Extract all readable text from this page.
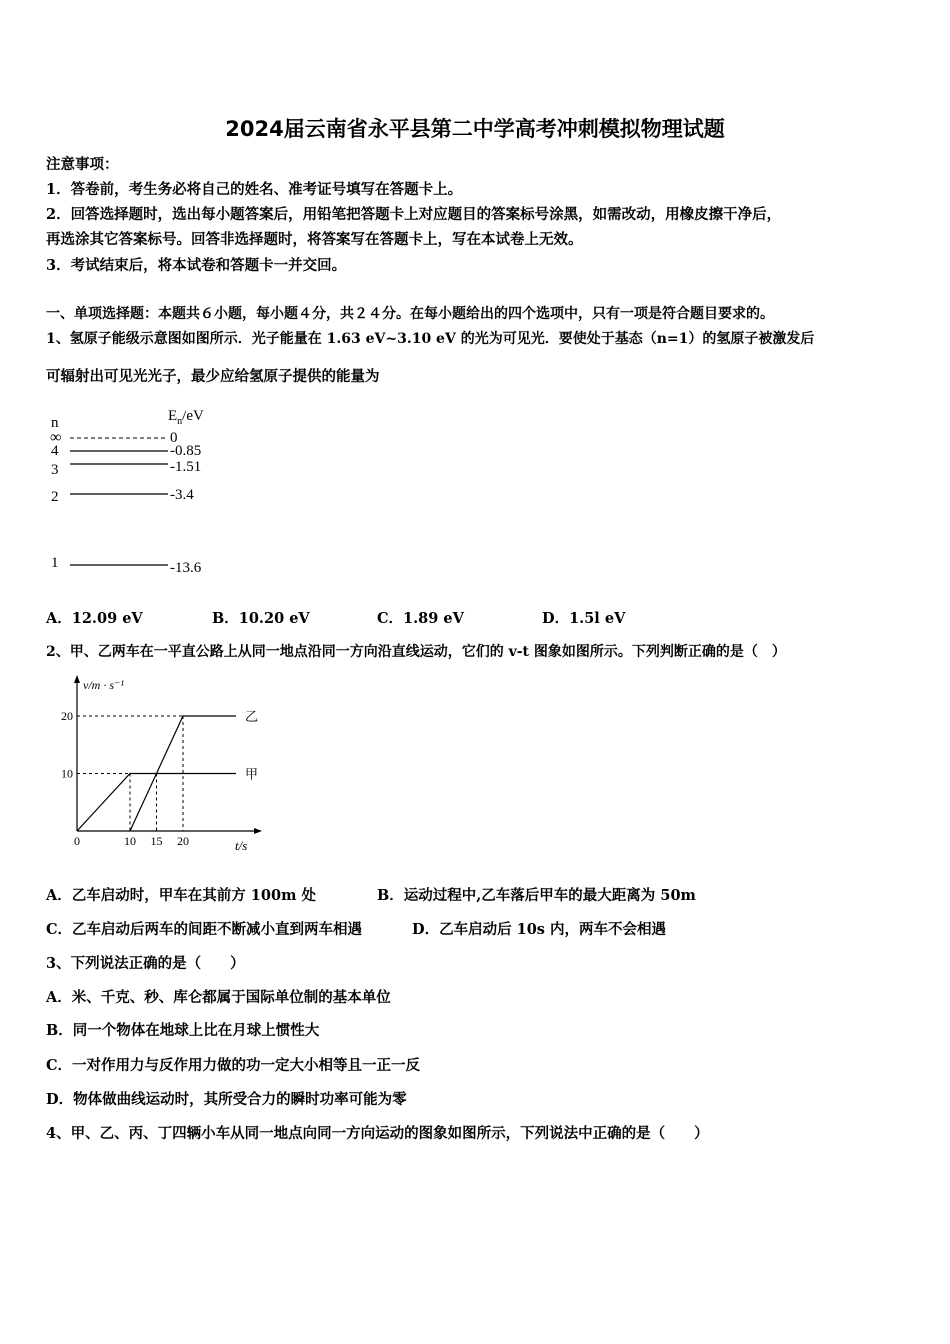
2024届云南省永平县第二中学高考冲刺模拟物理试题
注意事项：
1．答卷前，考生务必将自己的姓名、准考证号填写在答题卡上。
2．回答选择题时，选出每小题答案后，用铅笔把答题卡上对应题目的答案标号涂黑，如需改动，用橡皮擦干净后，
再选涂其它答案标号。回答非选择题时，将答案写在答题卡上，写在本试卷上无效。
3．考试结束后，将本试卷和答题卡一并交回。
一、单项选择题：本题共６小题，每小题４分，共２４分。在每小题给出的四个选项中，只有一项是符合题目要求的。
1、氢原子能级示意图如图所示．光子能量在 1.63 eV~3.10 eV 的光为可见光．要使处于基态（n=1）的氢原子被激发后
可辐射出可见光光子，最少应给氢原子提供的能量为
n	$E_n/eV$
∞	0
4	-0.85
3	-1.51
2	-3.4
1	-13.6
A．12.09 eV	B．10.20 eV	C．1.89 eV	D．1.5l eV
2、甲、乙两车在一平直公路上从同一地点沿同一方向沿直线运动，它们的 v-t 图象如图所示。下列判断正确的是（　）
v/m · s⁻¹
t/s
0	10 15 20
10
20
甲
乙
A．乙车启动时，甲车在其前方 100m 处	B．运动过程中,乙车落后甲车的最大距离为 50m
C．乙车启动后两车的间距不断减小直到两车相遇	D．乙车启动后 10s 内，两车不会相遇
3、下列说法正确的是（　　）
A．米、千克、秒、库仑都属于国际单位制的基本单位
B．同一个物体在地球上比在月球上惯性大
C．一对作用力与反作用力做的功一定大小相等且一正一反
D．物体做曲线运动时，其所受合力的瞬时功率可能为零
4、甲、乙、丙、丁四辆小车从同一地点向同一方向运动的图象如图所示，下列说法中正确的是（　　）
